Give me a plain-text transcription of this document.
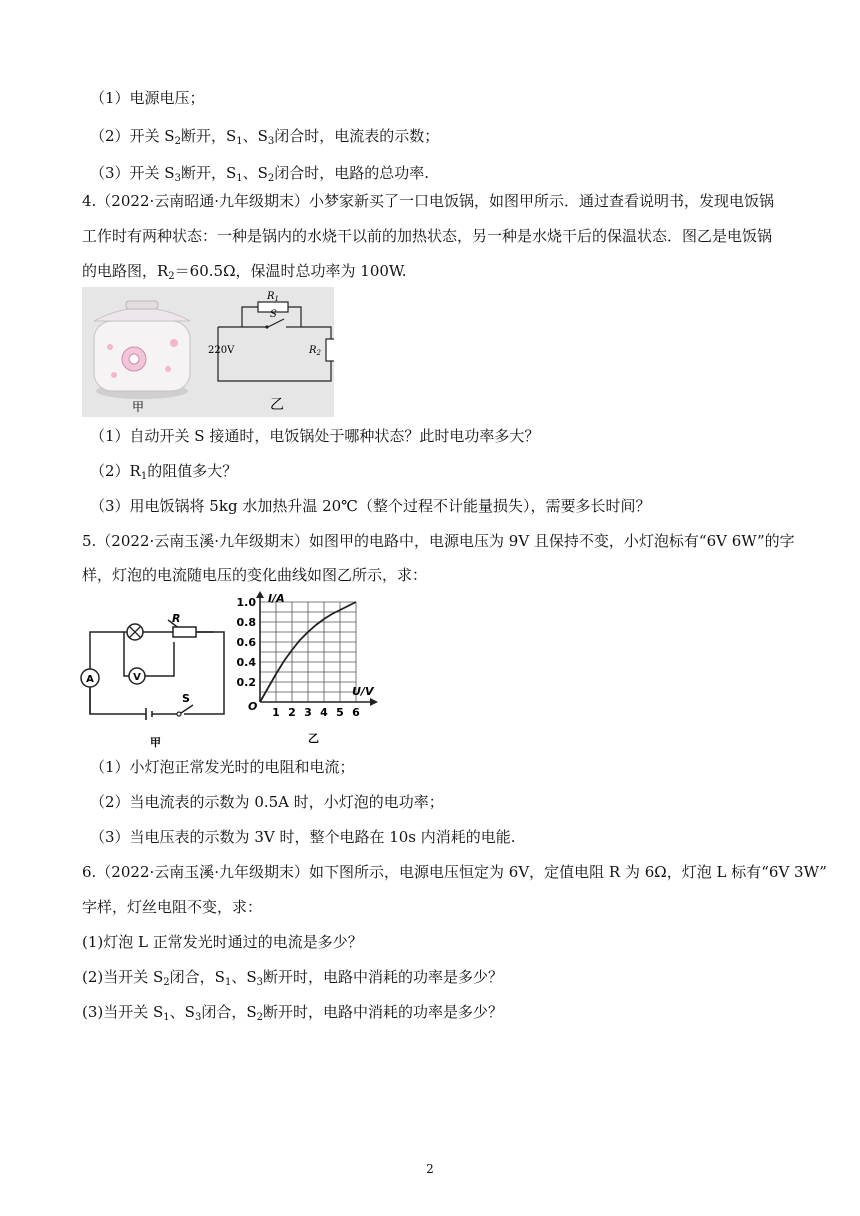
（1）电源电压；
（2）开关 $S_2$断开，$S_1$、$S_3$闭合时，电流表的示数；
（3）开关 $S_3$断开，$S_1$、$S_2$闭合时，电路的总功率.
4.（2022·云南昭通·九年级期末）小梦家新买了一口电饭锅，如图甲所示．通过查看说明书，发现电饭锅
工作时有两种状态：一种是锅内的水烧干以前的加热状态，另一种是水烧干后的保温状态．图乙是电饭锅
的电路图，$R_2=60.5\Omega$，保温时总功率为 100W.
甲
$R_1$
S
220V	$R_2$
乙
（1）自动开关 S 接通时，电饭锅处于哪种状态？此时电功率多大？
$(2)R_1$的阻值多大？
（3）用电饭锅将 5kg 水加热升温 20℃（整个过程不计能量损失），需要多长时间？
5.（2022·云南玉溪·九年级期末）如图甲的电路中，电源电压为 9V 且保持不变，小灯泡标有“6V 6W”的字
样，灯泡的电流随电压的变化曲线如图乙所示，求：
A	V
R
S
甲
1 2 3 4 5 6
0.2
0.4
0.6
0.8
1.0
O
I/A
U/V
乙
（1）小灯泡正常发光时的电阻和电流；
（2）当电流表的示数为 0.5A 时，小灯泡的电功率；
（3）当电压表的示数为 3V 时，整个电路在 10s 内消耗的电能.
6.（2022·云南玉溪·九年级期末）如下图所示，电源电压恒定为 6V，定值电阻 R 为 6Ω，灯泡 L 标有“6V 3W”
字样，灯丝电阻不变，求：
(1)灯泡 L 正常发光时通过的电流是多少？
(2)当开关 $S_2$闭合，$S_1$、$S_3$断开时，电路中消耗的功率是多少？
(3)当开关 $S_1$、$S_3$闭合，$S_2$断开时，电路中消耗的功率是多少？
2
